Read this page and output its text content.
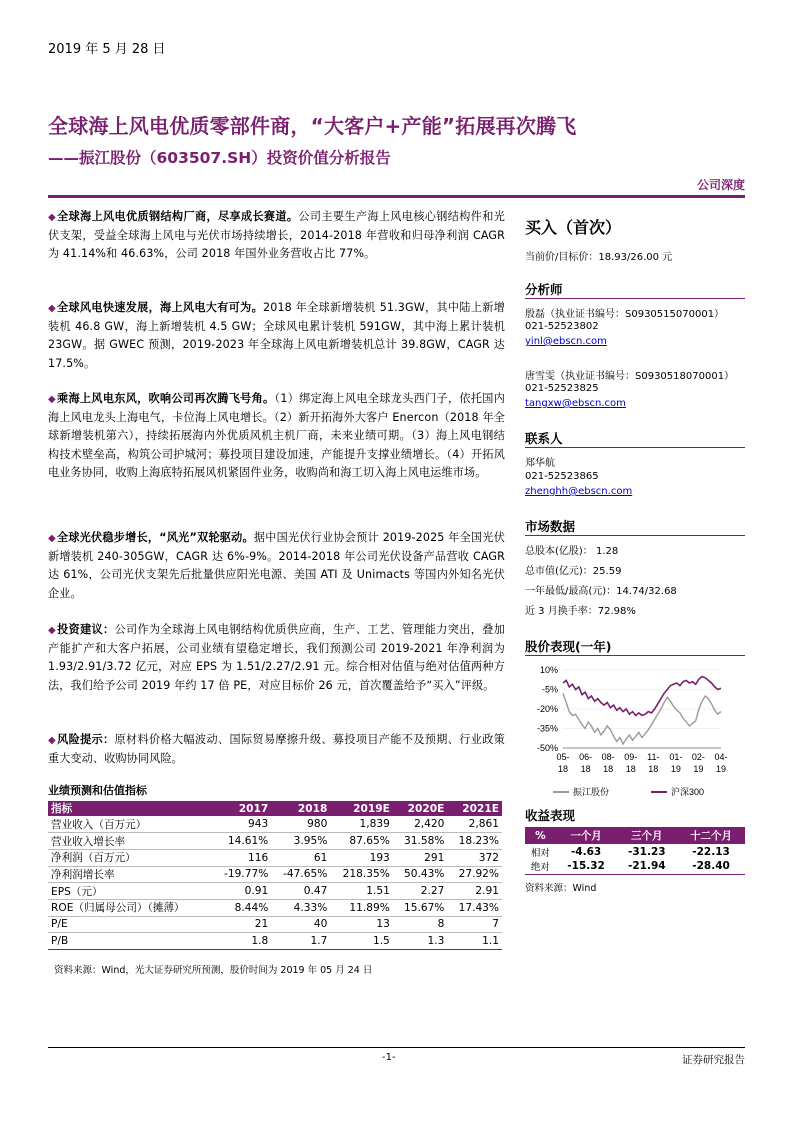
2019 年 5 月 28 日
全球海上风电优质零部件商，“大客户+产能”拓展再次腾飞
——振江股份（603507.SH）投资价值分析报告
公司深度
◆全球海上风电优质钢结构厂商，尽享成长赛道。公司主要生产海上风电核心钢结构件和光伏支架，受益全球海上风电与光伏市场持续增长，2014-2018 年营收和归母净利润 CAGR 为 41.14%和 46.63%，公司 2018 年国外业务营收占比 77%。
◆全球风电快速发展，海上风电大有可为。2018 年全球新增装机 51.3GW，其中陆上新增装机 46.8 GW，海上新增装机 4.5 GW；全球风电累计装机 591GW，其中海上累计装机 23GW。据 GWEC 预测，2019-2023 年全球海上风电新增装机总计 39.8GW，CAGR 达 17.5%。
◆乘海上风电东风，吹响公司再次腾飞号角。（1）绑定海上风电全球龙头西门子，依托国内海上风电龙头上海电气，卡位海上风电增长。（2）新开拓海外大客户 Enercon（2018 年全球新增装机第六），持续拓展海内外优质风机主机厂商，未来业绩可期。（3）海上风电钢结构技术壁垒高，构筑公司护城河；募投项目建设加速，产能提升支撑业绩增长。（4）开拓风电业务协同，收购上海底特拓展风机紧固件业务，收购尚和海工切入海上风电运维市场。
◆全球光伏稳步增长，“风光”双轮驱动。据中国光伏行业协会预计 2019-2025 年全国光伏新增装机 240-305GW，CAGR 达 6%-9%。2014-2018 年公司光伏设备产品营收 CAGR 达 61%，公司光伏支架先后批量供应阳光电源、美国 ATI 及 Unimacts 等国内外知名光伏企业。
◆投资建议：公司作为全球海上风电钢结构优质供应商，生产、工艺、管理能力突出，叠加产能扩产和大客户拓展，公司业绩有望稳定增长，我们预测公司 2019-2021 年净利润为 1.93/2.91/3.72 亿元，对应 EPS 为 1.51/2.27/2.91 元。综合相对估值与绝对估值两种方法，我们给予公司 2019 年约 17 倍 PE，对应目标价 26 元，首次覆盖给予“买入”评级。
◆风险提示：原材料价格大幅波动、国际贸易摩擦升级、募投项目产能不及预期、行业政策重大变动、收购协同风险。
业绩预测和估值指标
指标	2017	2018	2019E	2020E	2021E
营业收入（百万元）	943	980	1,839	2,420	2,861
营业收入增长率	14.61%	3.95%	87.65%	31.58%	18.23%
净利润（百万元）	116	61	193	291	372
净利润增长率	-19.77%	-47.65%	218.35%	50.43%	27.92%
EPS（元）	0.91	0.47	1.51	2.27	2.91
ROE（归属母公司）（摊薄）	8.44%	4.33%	11.89%	15.67%	17.43%
P/E	21	40	13	8	7
P/B	1.8	1.7	1.5	1.3	1.1
资料来源：Wind，光大证券研究所预测，股价时间为 2019 年 05 月 24 日
买入（首次）
当前价/目标价：18.93/26.00 元
分析师
殷磊（执业证书编号：S0930515070001）
021-52523802
yinl@ebscn.com
唐雪雯（执业证书编号：S0930518070001）
021-52523825
tangxw@ebscn.com
联系人
郑华航
021-52523865
zhenghh@ebscn.com
市场数据
总股本(亿股)： 1.28
总市值(亿元)：25.59
一年最低/最高(元)：14.74/32.68
近 3 月换手率：72.98%
股价表现(一年)
10%
-5%
-20%
-35%
-50%
05-
18
06-
18
08-
18
09-
18
11-
18
01-
19
02-
19
04-
19
振江股份	沪深300
收益表现
%	一个月	三个月	十二个月
相对	-4.63	-31.23	-22.13
绝对	-15.32	-21.94	-28.40
资料来源：Wind
-1-	证券研究报告
